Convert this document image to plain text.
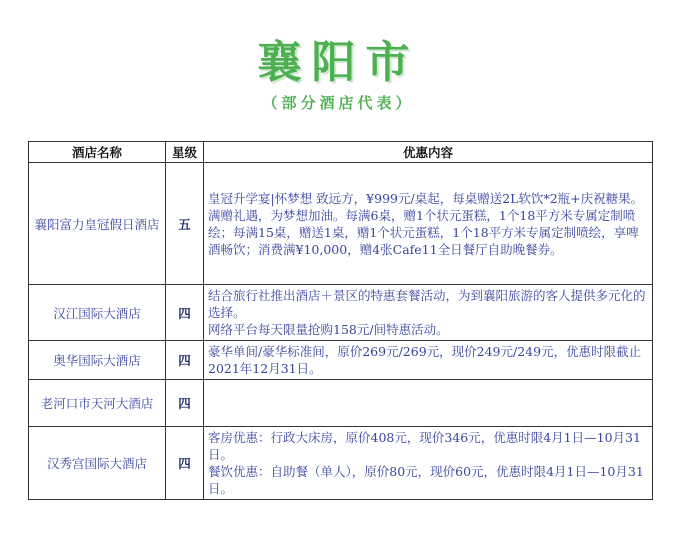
襄阳市
（部分酒店代表）
酒店名称	星级	优惠内容
襄阳富力皇冠假日酒店	五	皇冠升学宴|怀梦想 致远方，¥999元/桌起，每桌赠送2L软饮*2瓶+庆祝糖果。
满赠礼遇，为梦想加油。每满6桌，赠1个状元蛋糕，1个18平方米专属定制喷绘；每满15桌，赠送1桌，赠1个状元蛋糕，1个18平方米专属定制喷绘，享啤酒畅饮；消费满¥10,000，赠4张Cafe11全日餐厅自助晚餐券。

汉江国际大酒店	四	结合旅行社推出酒店＋景区的特惠套餐活动，为到襄阳旅游的客人提供多元化的选择。
网络平台每天限量抢购158元/间特惠活动。

奥华国际大酒店	四	豪华单间/豪华标准间，原价269元/269元，现价249元/249元，优惠时限截止2021年12月31日。

老河口市天河大酒店	四	
汉秀宫国际大酒店	四	客房优惠：行政大床房，原价408元，现价346元，优惠时限4月1日—10月31日。
餐饮优惠：自助餐（单人），原价80元，现价60元，优惠时限4月1日—10月31日。
